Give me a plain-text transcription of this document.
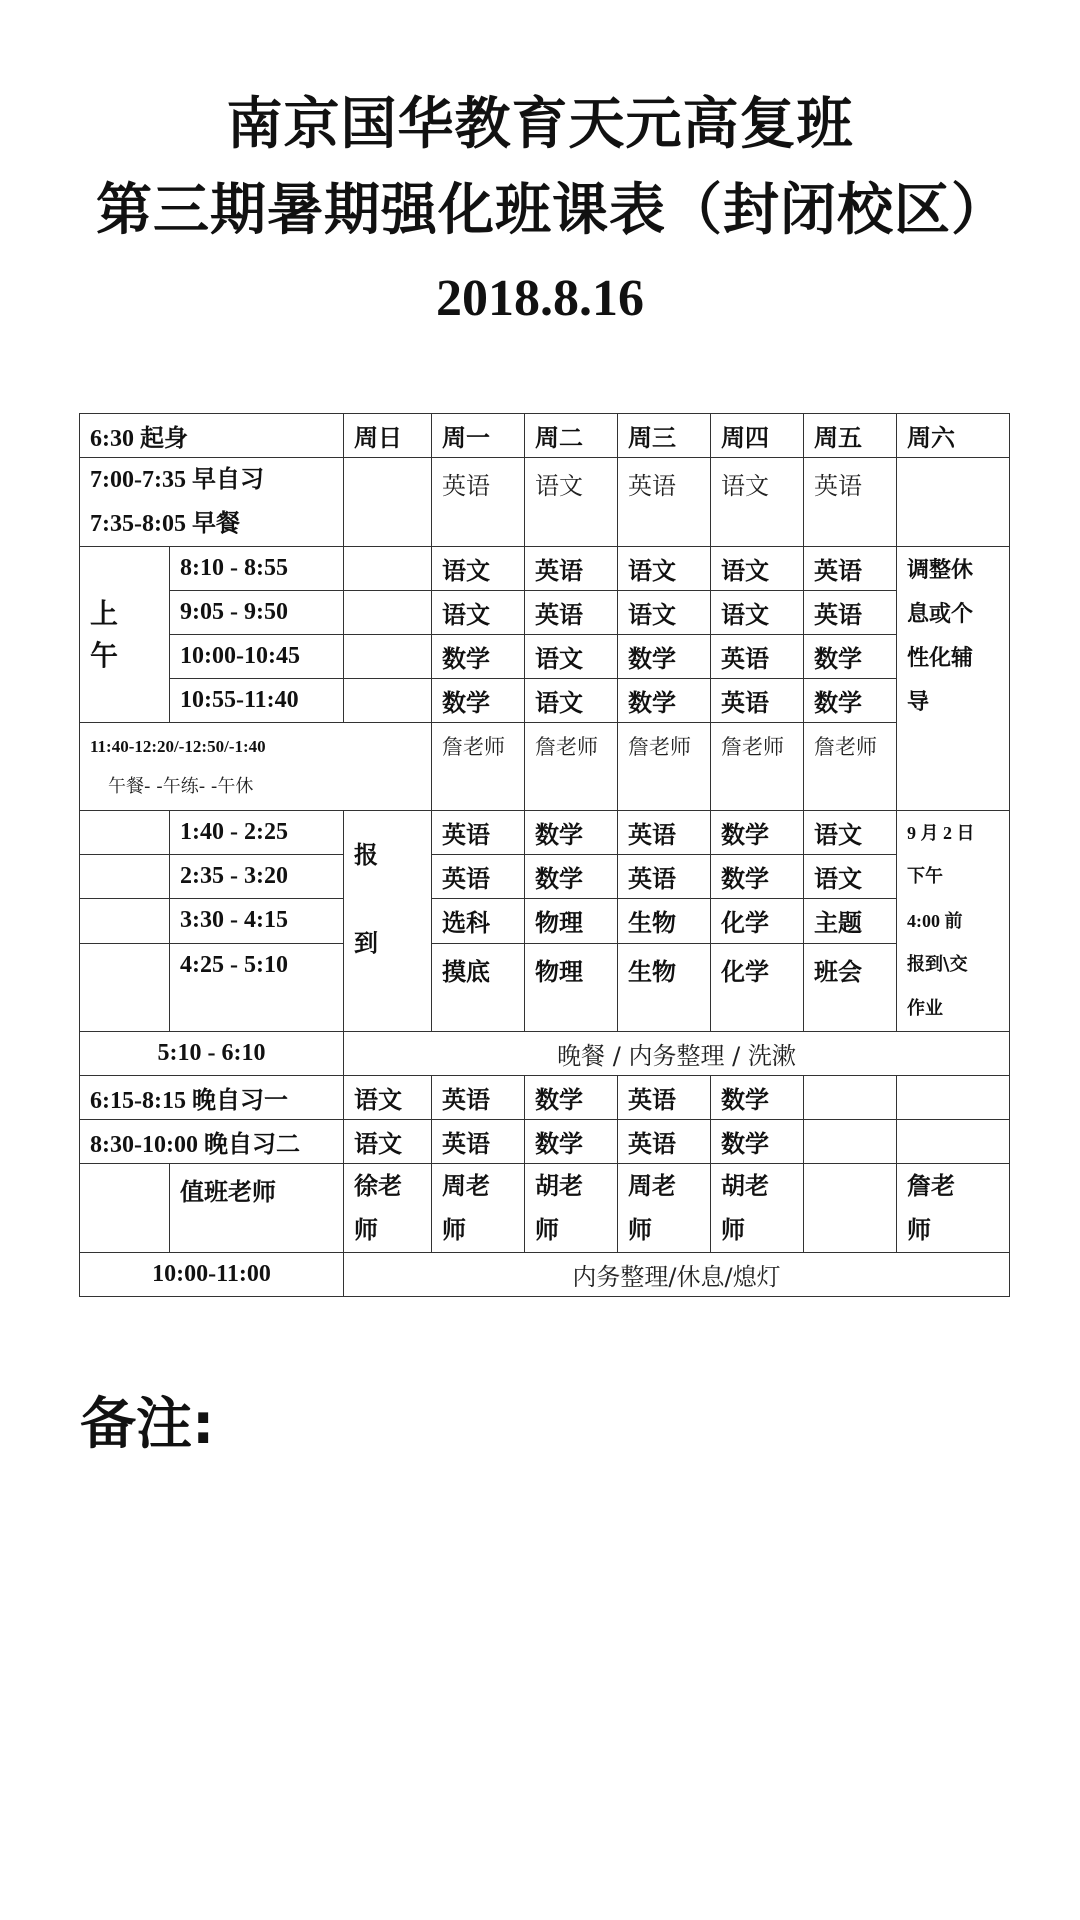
南京国华教育天元高复班
第三期暑期强化班课表（封闭校区）
2018.8.16
6:30 起身		周日	周一	周二	周三	周四	周五	周六

7:00-7:35 早自习
7:35-8:05 早餐			英语	语文	英语	语文	英语	

上
午	8:10 - 8:55		语文	英语	语文	语文	英语	调整休
息或个
性化辅
导

	9:05 - 9:50		语文	英语	语文	语文	英语	
	10:00-10:45		数学	语文	数学	英语	数学	
	10:55-11:40		数学	语文	数学	英语	数学	

11:40-12:20/-12:50/-1:40
午餐- -午练- -午休			詹老师	詹老师	詹老师	詹老师	詹老师	
	1:40 - 2:25	报
到	英语	数学	英语	数学	语文	9 月 2 日
下午
4:00 前
报到\交
作业

	2:35 - 3:20		英语	数学	英语	数学	语文	
	3:30 - 4:15		选科	物理	生物	化学	主题	
	4:25 - 5:10		摸底	物理	生物	化学	班会	
5:10 - 6:10		晚餐 / 内务整理 / 洗漱						
6:15-8:15 晚自习一		语文	英语	数学	英语	数学		
8:30-10:00 晚自习二		语文	英语	数学	英语	数学		
	值班老师	徐老
师	周老
师	胡老
师	周老
师	胡老
师		詹老
师

10:00-11:00		内务整理/休息/熄灯						
备注:
